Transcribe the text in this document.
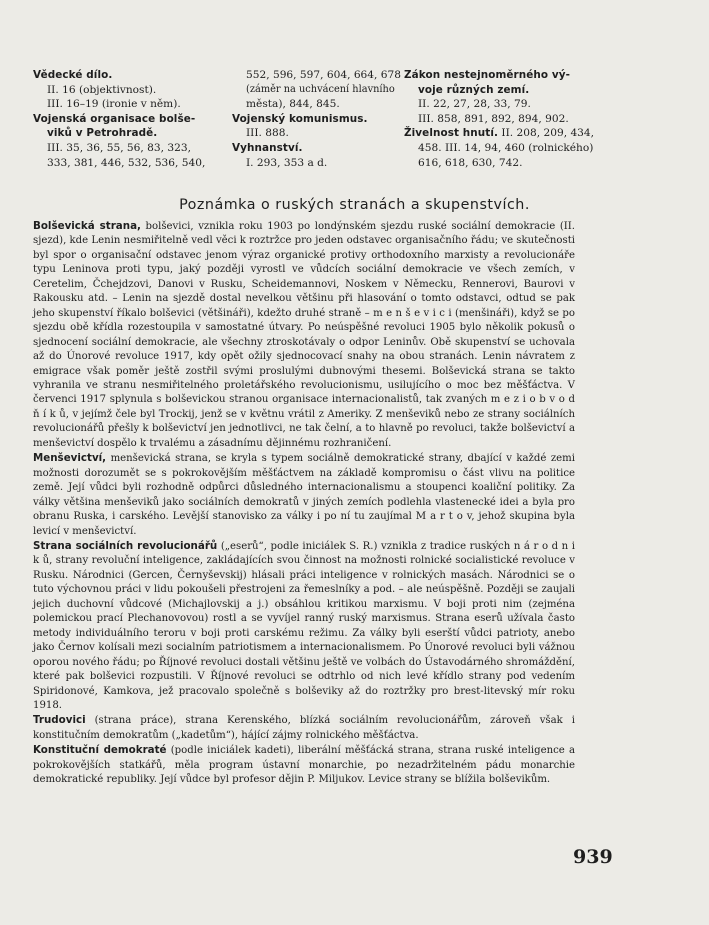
Vědecké dílo.
II. 16 (objektivnost).
III. 16–19 (ironie v něm).
Vojenská organisace bolše-
viků v Petrohradě.
III. 35, 36, 55, 56, 83, 323,
333, 381, 446, 532, 536, 540,
552, 596, 597, 604, 664, 678
(záměr na uchvácení hlavního
města), 844, 845.
Vojenský komunismus.
III. 888.
Vyhnanství.
I. 293, 353 a d.
Zákon nestejnoměrného vý-
voje různých zemí.
II. 22, 27, 28, 33, 79.
III. 858, 891, 892, 894, 902.
Živelnost hnutí. II. 208, 209, 434,
458. III. 14, 94, 460 (rolnického)
616, 618, 630, 742.
Poznámka o ruských stranách a skupenstvích.

Bolševická strana, bolševici, vznikla roku 1903 po londýnském sjezdu ruské sociální demokracie (II. sjezd), kde Lenin nesmiřitelně vedl věci k roztržce pro jeden odstavec organisačního řádu; ve skutečnosti byl spor o organisační odstavec jenom výraz organické protivy orthodoxního marxisty a revolucionáře typu Leninova proti typu, jaký později vyrostl ve vůdcích sociální demokracie ve všech zemích, v Ceretelim, Čchejdzovi, Danovi v Rusku, Scheidemannovi, Noskem v Německu, Rennerovi, Baurovi v Rakousku atd. – Lenin na sjezdě dostal nevelkou většinu při hlasování o tomto odstavci, odtud se pak jeho skupenství říkalo bolševici (většináři), kdežto druhé straně – m e n š e v i c i (menšináři), když se po sjezdu obě křídla rozestoupila v samostatné útvary. Po neúspěšné revoluci 1905 bylo několik pokusů o sjednocení sociální demokracie, ale všechny ztroskotávaly o odpor Leninův. Obě skupenství se uchovala až do Únorové revoluce 1917, kdy opět ožily sjednocovací snahy na obou stranách. Lenin návratem z emigrace však poměr ještě zostřil svými proslulými dubnovými thesemi. Bolševická strana se takto vyhranila ve stranu nesmiřitelného proletářského revolucionismu, usilujícího o moc bez měšťáctva. V červenci 1917 splynula s bolševickou stranou organisace internacionalistů, tak zvaných m e z i o b v o d ň í k ů, v jejímž čele byl Trockij, jenž se v květnu vrátil z Ameriky. Z menševiků nebo ze strany sociálních revolucionářů přešly k bolševictví jen jednotlivci, ne tak čelní, a to hlavně po revoluci, takže bolševictví a menševictví dospělo k trvalému a zásadnímu dějinnému rozhraničení.

Menševictví, menševická strana, se kryla s typem sociálně demokratické strany, dbající v každé zemi možnosti dorozumět se s pokrokovějším měšťáctvem na základě kompromisu o část vlivu na politice země. Její vůdci byli rozhodně odpůrci důsledného internacionalismu a stoupenci koaliční politiky. Za války většina menševiků jako sociálních demokratů v jiných zemích podlehla vlastenecké idei a byla pro obranu Ruska, i carského. Levější stanovisko za války i po ní tu zaujímal M a r t o v, jehož skupina byla levicí v menševictví.

Strana sociálních revolucionářů („eserů“, podle iniciálek S. R.) vznikla z tradice ruských n á r o d n i k ů, strany revoluční inteligence, zakládajících svou činnost na možnosti rolnické socialistické revoluce v Rusku. Národnici (Gercen, Černyševskij) hlásali práci inteligence v rolnických masách. Národnici se o tuto výchovnou práci v lidu pokoušeli přestrojeni za řemeslníky a pod. – ale neúspěšně. Později se zaujali jejich duchovní vůdcové (Michajlovskij a j.) obsáhlou kritikou marxismu. V boji proti nim (zejména polemickou prací Plechanovovou) rostl a se vyvíjel ranný ruský marxismus. Strana eserů užívala často metody individuálního teroru v boji proti carskému režimu. Za války byli eserští vůdci patrioty, anebo jako Černov kolísali mezi socialním patriotismem a internacionalismem. Po Únorové revoluci byli vážnou oporou nového řádu; po Říjnové revoluci dostali většinu ještě ve volbách do Ústavodárného shromáždění, které pak bolševici rozpustili. V Říjnové revoluci se odtrhlo od nich levé křídlo strany pod vedením Spiridonové, Kamkova, jež pracovalo společně s bolševiky až do roztržky pro brest-litevský mír roku 1918.

Trudovici (strana práce), strana Kerenského, blízká sociálním revolucionářům, zároveň však i konstitučním demokratům („kadetům“), hájící zájmy rolnického měšťáctva.

Konstituční demokraté (podle iniciálek kadeti), liberální měšťácká strana, strana ruské inteligence a pokrokovějších statkářů, měla program ústavní monarchie, po nezadržitelném pádu monarchie demokratické republiky. Její vůdce byl profesor dějin P. Miljukov. Levice strany se blížila bolševikům.

939
